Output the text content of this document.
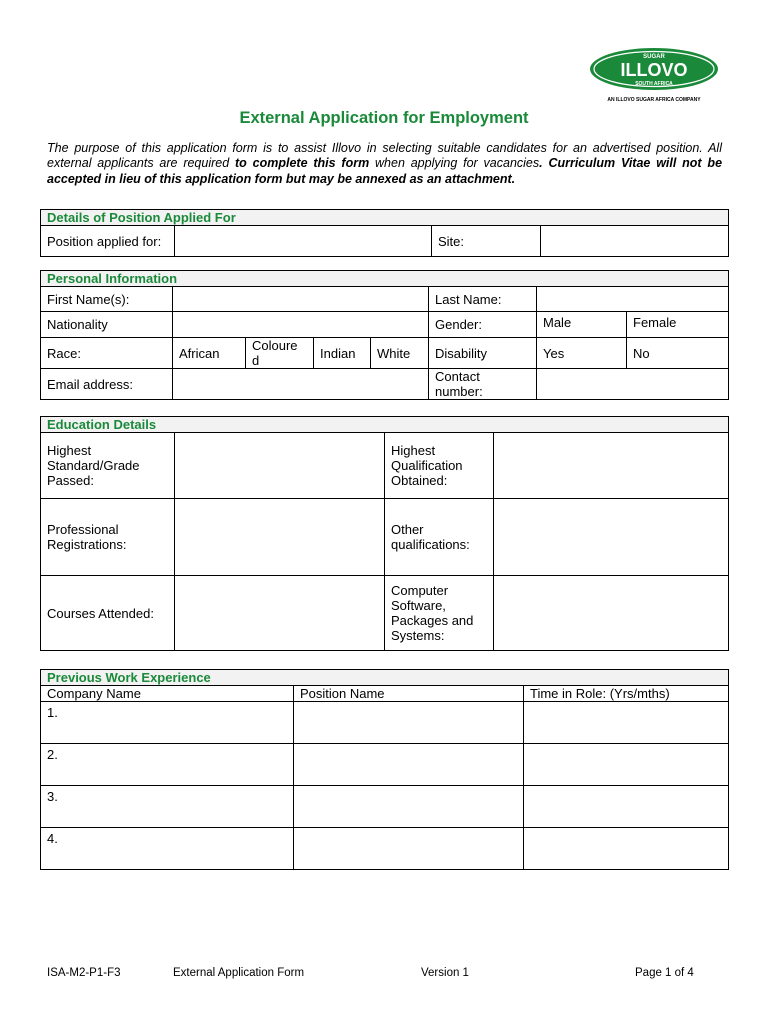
SUGAR
ILLOVO
SOUTH AFRICA
AN ILLOVO SUGAR AFRICA COMPANY
External Application for Employment
The purpose of this application form is to assist Illovo in selecting suitable candidates for an advertised position. All external applicants are required to complete this form when applying for vacancies. Curriculum Vitae will not be accepted in lieu of this application form but may be annexed as an attachment.
Details of Position Applied For
Position applied for:		Site:	
Personal Information							
First Name(s):					Last Name:		
Nationality					Gender:	Male	Female
Race:	African	Coloure d	Indian	White	Disability	Yes	No
Email address:					Contact number:		
Education Details			
Highest Standard/Grade Passed:		Highest Qualification Obtained:	
Professional Registrations:		Other qualifications:	
Courses Attended:		Computer Software, Packages and Systems:	
Previous Work Experience		
Company Name	Position Name	Time in Role: (Yrs/mths)
1.		
2.		
3.		
4.		
ISA-M2-P1-F3	External Application Form	Version 1	Page 1 of 4
